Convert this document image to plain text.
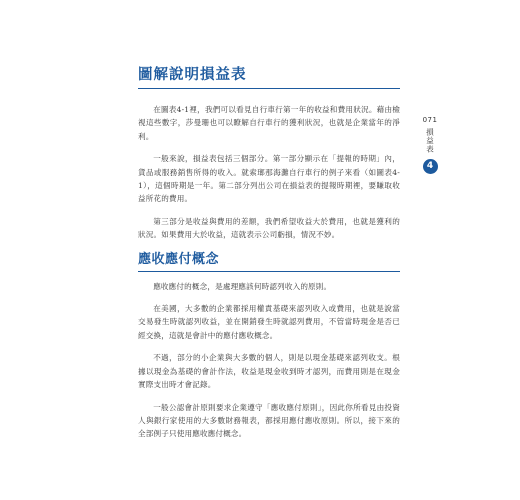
圖解說明損益表

在圖表4-1裡，我們可以看見自行車行第一年的收益和費用狀況。藉由檢視這些數字，莎曼珊也可以瞭解自行車行的獲利狀況，也就是企業當年的淨利。

一般來說，損益表包括三個部分。第一部分顯示在「提報的時期」內，貨品或服務銷售所得的收入。就索瑯那海灘自行車行的例子來看（如圖表4-1），這個時期是一年。第二部分列出公司在損益表的提報時期裡，要賺取收益所花的費用。

第三部分是收益與費用的差額，我們希望收益大於費用，也就是獲利的狀況。如果費用大於收益，這就表示公司虧損，情況不妙。

應收應付概念

應收應付的概念，是處理應該何時認列收入的原則。

在美國，大多數的企業都採用權責基礎來認列收入或費用，也就是說當交易發生時就認列收益，並在開銷發生時就認列費用，不管當時現金是否已經交換，這就是會計中的應付應收概念。

不過，部分的小企業與大多數的個人，則是以現金基礎來認列收支。根據以現金為基礎的會計作法，收益是現金收到時才認列，而費用則是在現金實際支出時才會記錄。

一般公認會計原則要求企業遵守「應收應付原則」，因此你所看見由投資人與銀行家使用的大多數財務報表，都採用應付應收原則。所以，接下來的全部例子只使用應收應付概念。

071
損益表
4
